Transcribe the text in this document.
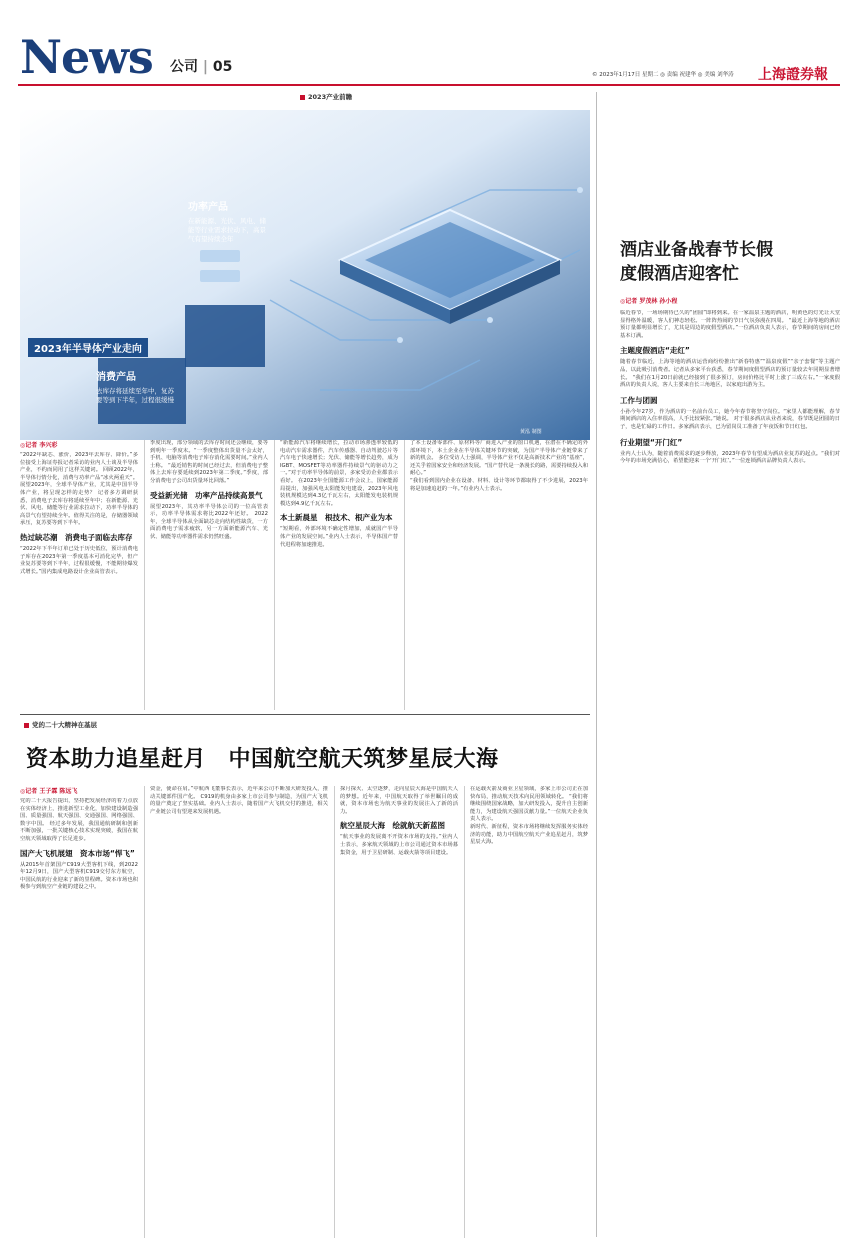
News 公司 | 05	© 2023年1月17日 星期二 ◎ 责编 祝建华 ◎ 美编 刘华涛 上海證券報
2023产业前瞻
功率产品
在新能源、光伏、风电、储能等行业需求拉动下，高景气有望持续全年
2023年半导体产业走向
消费产品
去库存将延续至年中，复苏要等到下半年，过程很缓慢
黄泓 制图
◎记者 李兴彩
“2022年缺芯、涨价，2023年去库存、降价。”多位接受上海证券报记者采访的业内人士谈及半导体产业，不约而同用了这样关键词。 回顾2022年，半导体行情分化，消费与功率产品“冰火两重天”。展望2023年，全球半导体产业，尤其是中国半导体产业，将呈现怎样的走势？ 记者多方调研获悉，消费电子去库存将延续至年中；在新能源、光伏、风电、储能等行业需求拉动下，功率半导体的高景气有望持续全年。值得关注的是，存储器领域承压，复苏要等到下半年。
热过缺芯潮　消费电子面临去库存
“2022年下半年订单已处于历史低位，预计消费电子库存在2023年第一季度基本可消化完毕，但产业复苏要等到下半年，过程很缓慢，不能期待爆发式增长。”国内集成电路设计企业高管表示。
季度出现，部分领域的去库存时间还会继续，要等到明年一季度末。“一季度整体出货量不会太好，手机、电脑等消费电子库存消化需要时间。”业内人士称。 “最近销售的时间已经过去，但消费电子整体上去库存要延续到2023年第二季度。”季度，部分消费电子公司出货量环比回落。”
受益新光储　功率产品持续高景气
展望2023年，其功率半导体公司的一位高管表示，功率半导体需求将比2022年还好。 2022年，全球半导体从全面缺芯走向结构性缺货，一方面消费电子需求疲软，另一方面新能源汽车、光伏、储能等功率器件需求仍然旺盛。
“新能源汽车将继续增长，拉动市场渗透率较低的电动汽车需求器件，汽车传感器、自动驾驶芯片等汽车电子快速增长；光伏、储能等增长趋势，成为IGBT、MOSFET等功率器件持续景气的驱动力之一。”对于功率半导体的前景，多家受访企业都表示看好。 在2023年全国能源工作会议上，国家能源局提出，加强风电太阳能发电建设，2023年风电装机规模达到4.3亿千瓦左右，太阳能发电装机规模达到4.9亿千瓦左右。
本土新晨星　根技术、根产业为本
“短期看，外部环境不确定性增加，成就国产半导体产业的发展空间。”业内人士表示，半导体国产替代进程将加速推进。
了本土设备零部件、原材料等厂商进入产业的窗口机遇，在潜在不确定的外部环境下，本土企业在半导体关键环节的突破，为国产半导体产业链带来了新的机会。 多位受访人士强调，半导体产业不仅是高新技术产业的“基座”，还关乎着国家安全和经济发展。“国产替代是一条漫长的路，需要持续投入和耐心。”
“我们看到国内企业在设备、材料、设计等环节都取得了不少进展，2023年将是加速追赶的一年。”有业内人士表示。
酒店业备战春节长假
度假酒店迎客忙
◎记者 罗茂林 孙小程
临近春节，一场场期待已久的“团圆”即将到来。在一家温泉主题的酒店，明黄色的灯光让大堂显得格外温暖，客人们神态轻松。一阵阵热闹的节日气氛弥漫在四周。 “最近上海等地的酒店预订量都明显增长了，尤其是周边的度假型酒店。”一位酒店负责人表示，春节期间的房间已经基本订满。
主题度假酒店“走红”
随着春节临近，上海等地的酒店运营商纷纷推出“新春特惠”“温泉度假”“亲子套餐”等主题产品，以此吸引消费者。记者从多家平台获悉，春节期间度假型酒店的预订量较去年同期显著增长。 “我们在1月20日前就已经接到了很多预订，房间价格比平时上涨了三成左右。”一家度假酒店的负责人说，客人主要来自长三角地区，以家庭出游为主。
工作与团圆
小孙今年27岁，作为酒店的一名前台员工，她今年春节将坚守岗位。“家里人都能理解，春节期间酒店的入住率很高，人手比较紧张。”她说。 对于很多酒店从业者来说，春节既是团圆的日子，也是忙碌的工作日。多家酒店表示，已为留岗员工准备了年夜饭和节日红包。
行业期望“开门红”
业内人士认为，随着消费需求的逐步释放，2023年春节有望成为酒店业复苏的起点。“我们对今年的市场充满信心，希望能迎来一个‘开门红’。”一位连锁酒店品牌负责人表示。
党的二十大精神在基层
资本助力追星赶月　中国航空航天筑梦星辰大海
◎记者 王子霖 陈远飞
党的二十大报告提出，坚持把发展经济的着力点放在实体经济上，推进新型工业化，加快建设制造强国、质量强国、航天强国、交通强国、网络强国、数字中国。 经过多年发展，我国通航研制和创新不断加强，一批关键核心技术实现突破，我国在航空航天领域取得了长足进步。
国产大飞机展翅　资本市场“悍飞”
从2015年首架国产C919大型客机下线，到2022年12月9日，国产大型客机C919交付东方航空，中国民航的行业迎来了新的里程碑。资本市场也积极参与到航空产业链的建设之中。
资金，使命在肩。”中航西飞董事长表示，近年来公司不断加大研发投入，推动关键部件国产化。 C919的机身由多家上市公司参与制造，为国产大飞机的量产奠定了坚实基础。业内人士表示，随着国产大飞机交付的推进，相关产业链公司有望迎来发展机遇。
探月探火、太空逐梦，走向星辰大海是中国航天人的梦想。近年来，中国航天取得了举世瞩目的成就，资本市场也为航天事业的发展注入了新的活力。
航空星辰大海　绘就航天新蓝图
“航天事业的发展离不开资本市场的支持。”业内人士表示，多家航天领域的上市公司通过资本市场募集资金，用于卫星研制、运载火箭等项目建设。
在运载火箭及商业卫星领域，多家上市公司正在加快布局，推动航天技术向民用领域转化。 “我们将继续围绕国家战略，加大研发投入，提升自主创新能力，为建设航天强国贡献力量。”一位航天企业负责人表示。
新时代、新征程，资本市场将继续发挥服务实体经济的功能，助力中国航空航天产业追星赶月，筑梦星辰大海。
